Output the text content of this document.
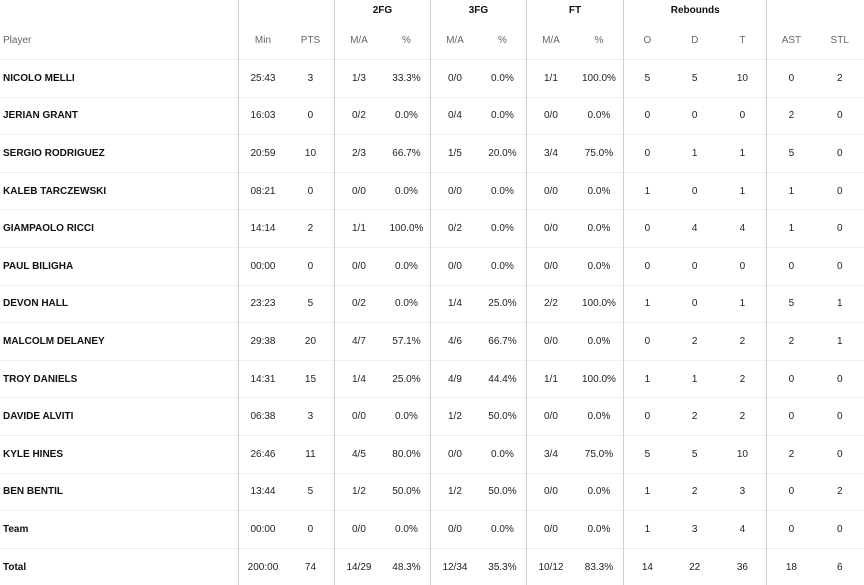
			2FG		3FG		FT		Rebounds				
Player	Min	PTS	M/A	%	M/A	%	M/A	%	O	D	T	AST	STL
NICOLO MELLI	25:43	3	1/3	33.3%	0/0	0.0%	1/1	100.0%	5	5	10	0	2
JERIAN GRANT	16:03	0	0/2	0.0%	0/4	0.0%	0/0	0.0%	0	0	0	2	0
SERGIO RODRIGUEZ	20:59	10	2/3	66.7%	1/5	20.0%	3/4	75.0%	0	1	1	5	0
KALEB TARCZEWSKI	08:21	0	0/0	0.0%	0/0	0.0%	0/0	0.0%	1	0	1	1	0
GIAMPAOLO RICCI	14:14	2	1/1	100.0%	0/2	0.0%	0/0	0.0%	0	4	4	1	0
PAUL BILIGHA	00:00	0	0/0	0.0%	0/0	0.0%	0/0	0.0%	0	0	0	0	0
DEVON HALL	23:23	5	0/2	0.0%	1/4	25.0%	2/2	100.0%	1	0	1	5	1
MALCOLM DELANEY	29:38	20	4/7	57.1%	4/6	66.7%	0/0	0.0%	0	2	2	2	1
TROY DANIELS	14:31	15	1/4	25.0%	4/9	44.4%	1/1	100.0%	1	1	2	0	0
DAVIDE ALVITI	06:38	3	0/0	0.0%	1/2	50.0%	0/0	0.0%	0	2	2	0	0
KYLE HINES	26:46	11	4/5	80.0%	0/0	0.0%	3/4	75.0%	5	5	10	2	0
BEN BENTIL	13:44	5	1/2	50.0%	1/2	50.0%	0/0	0.0%	1	2	3	0	2
Team	00:00	0	0/0	0.0%	0/0	0.0%	0/0	0.0%	1	3	4	0	0
Total	200:00	74	14/29	48.3%	12/34	35.3%	10/12	83.3%	14	22	36	18	6
